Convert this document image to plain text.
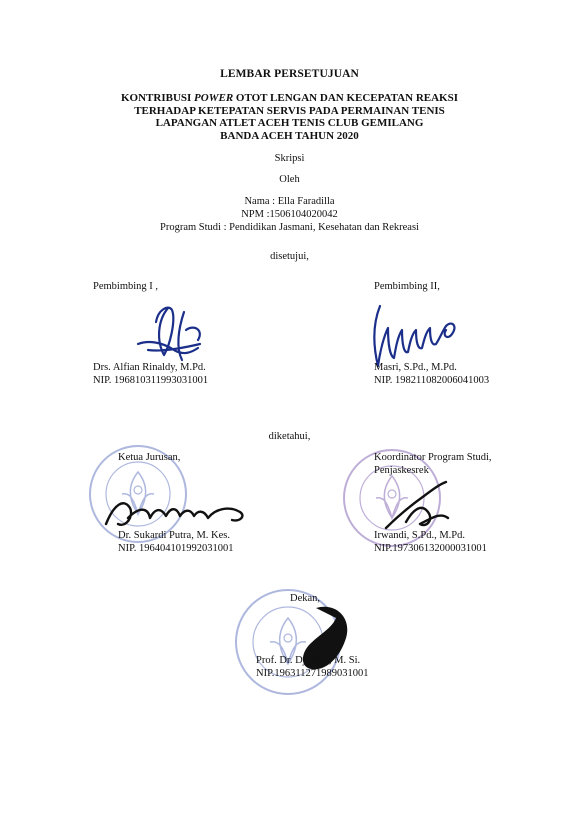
LEMBAR PERSETUJUAN
KONTRIBUSI POWER OTOT LENGAN DAN KECEPATAN REAKSI
TERHADAP KETEPATAN SERVIS PADA PERMAINAN TENIS
LAPANGAN ATLET ACEH TENIS CLUB GEMILANG
BANDA ACEH TAHUN 2020
Skripsi
Oleh
Nama : Ella Faradilla
NPM :1506104020042
Program Studi : Pendidikan Jasmani, Kesehatan dan Rekreasi
disetujui,
Pembimbing I ,
Drs. Alfian Rinaldy, M.Pd.
NIP. 196810311993031001
Pembimbing II,
Masri, S.Pd., M.Pd.
NIP. 198211082006041003
diketahui,
Ketua Jurusan,
Dr. Sukardi Putra, M. Kes.
NIP. 196404101992031001
Koordinator Program Studi,
Penjaskesrek
Irwandi, S.Pd., M.Pd.
NIP.197306132000031001
Dekan,
Prof. Dr. Djailani, M. Si.
NIP.196311271989031001
